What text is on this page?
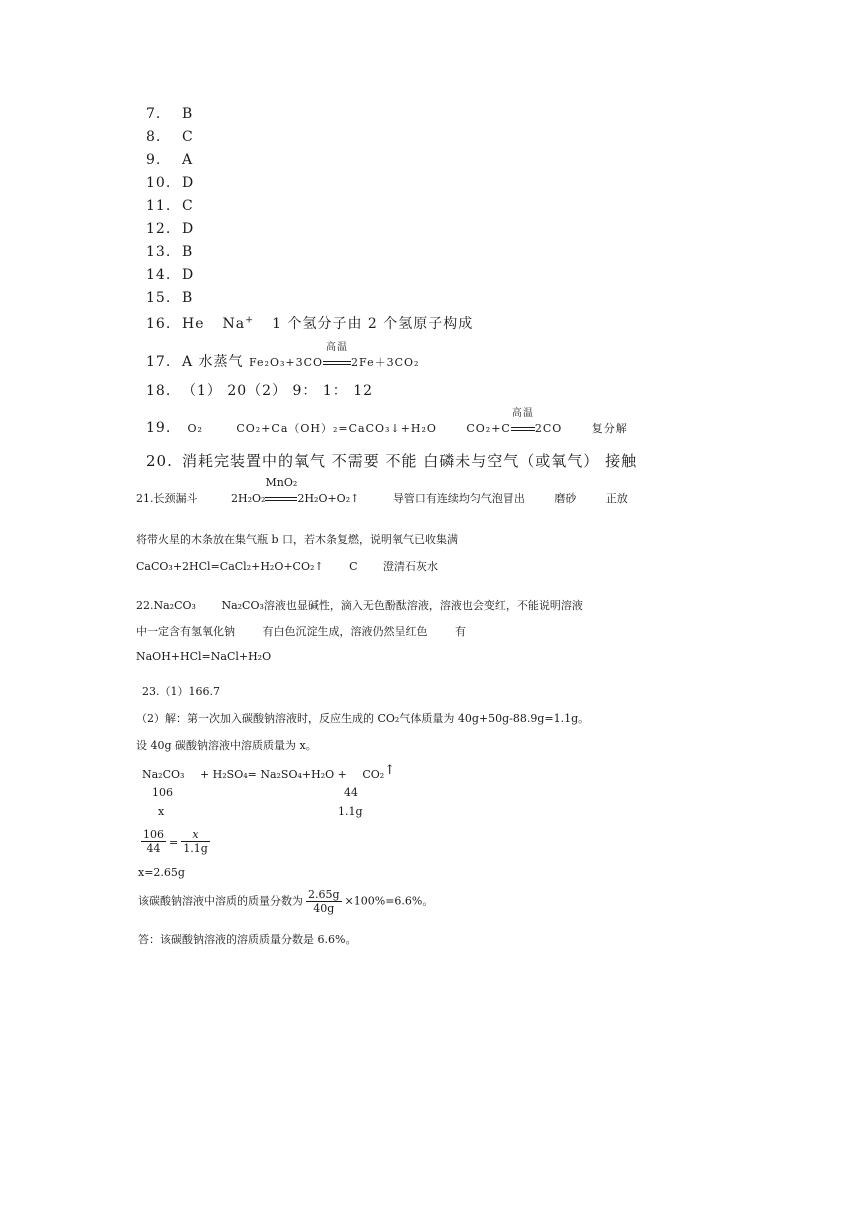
7. B
8. C
9. A
10. D
11. C
12. D
13. B
14. D
15. B
16. He Na+ 1 个氢分子由 2 个氢原子构成
17. A 水蒸气 Fe₂O₃+3CO
高温
2Fe＋3CO₂
18. （1） 20（2） 9： 1： 12
19. O₂	CO₂+Ca（OH）₂=CaCO₃↓+H₂O	CO₂+C
高温
2CO	复分解
20. 消耗完装置中的氧气 不需要 不能 白磷未与空气（或氧气） 接触
21.长颈漏斗	2H₂O₂
MnO₂
2H₂O+O₂↑	导管口有连续均匀气泡冒出	磨砂	正放
将带火星的木条放在集气瓶 b 口，若木条复燃，说明氧气已收集满
CaCO₃+2HCl=CaCl₂+H₂O+CO₂↑ C 澄清石灰水
22.Na₂CO₃ Na₂CO₃溶液也显碱性，滴入无色酚酞溶液，溶液也会变红，不能说明溶液
中一定含有氢氧化钠	有白色沉淀生成，溶液仍然呈红色	有
NaOH+HCl=NaCl+H₂O
23.（1）166.7
（2）解：第一次加入碳酸钠溶液时，反应生成的 CO₂气体质量为 40g+50g-88.9g=1.1g。
设 40g 碳酸钠溶液中溶质质量为 x。
Na₂CO₃ + H₂SO₄= Na₂SO₄+H₂O + CO₂↑
106	44
x	1.1g
$\frac{106}{44} = \frac{x}{1.1g}$
x=2.65g
该碳酸钠溶液中溶质的质量分数为 $\frac{2.65g}{40g} \times 100\%=6.6\%$。
答：该碳酸钠溶液的溶质质量分数是 6.6%。
